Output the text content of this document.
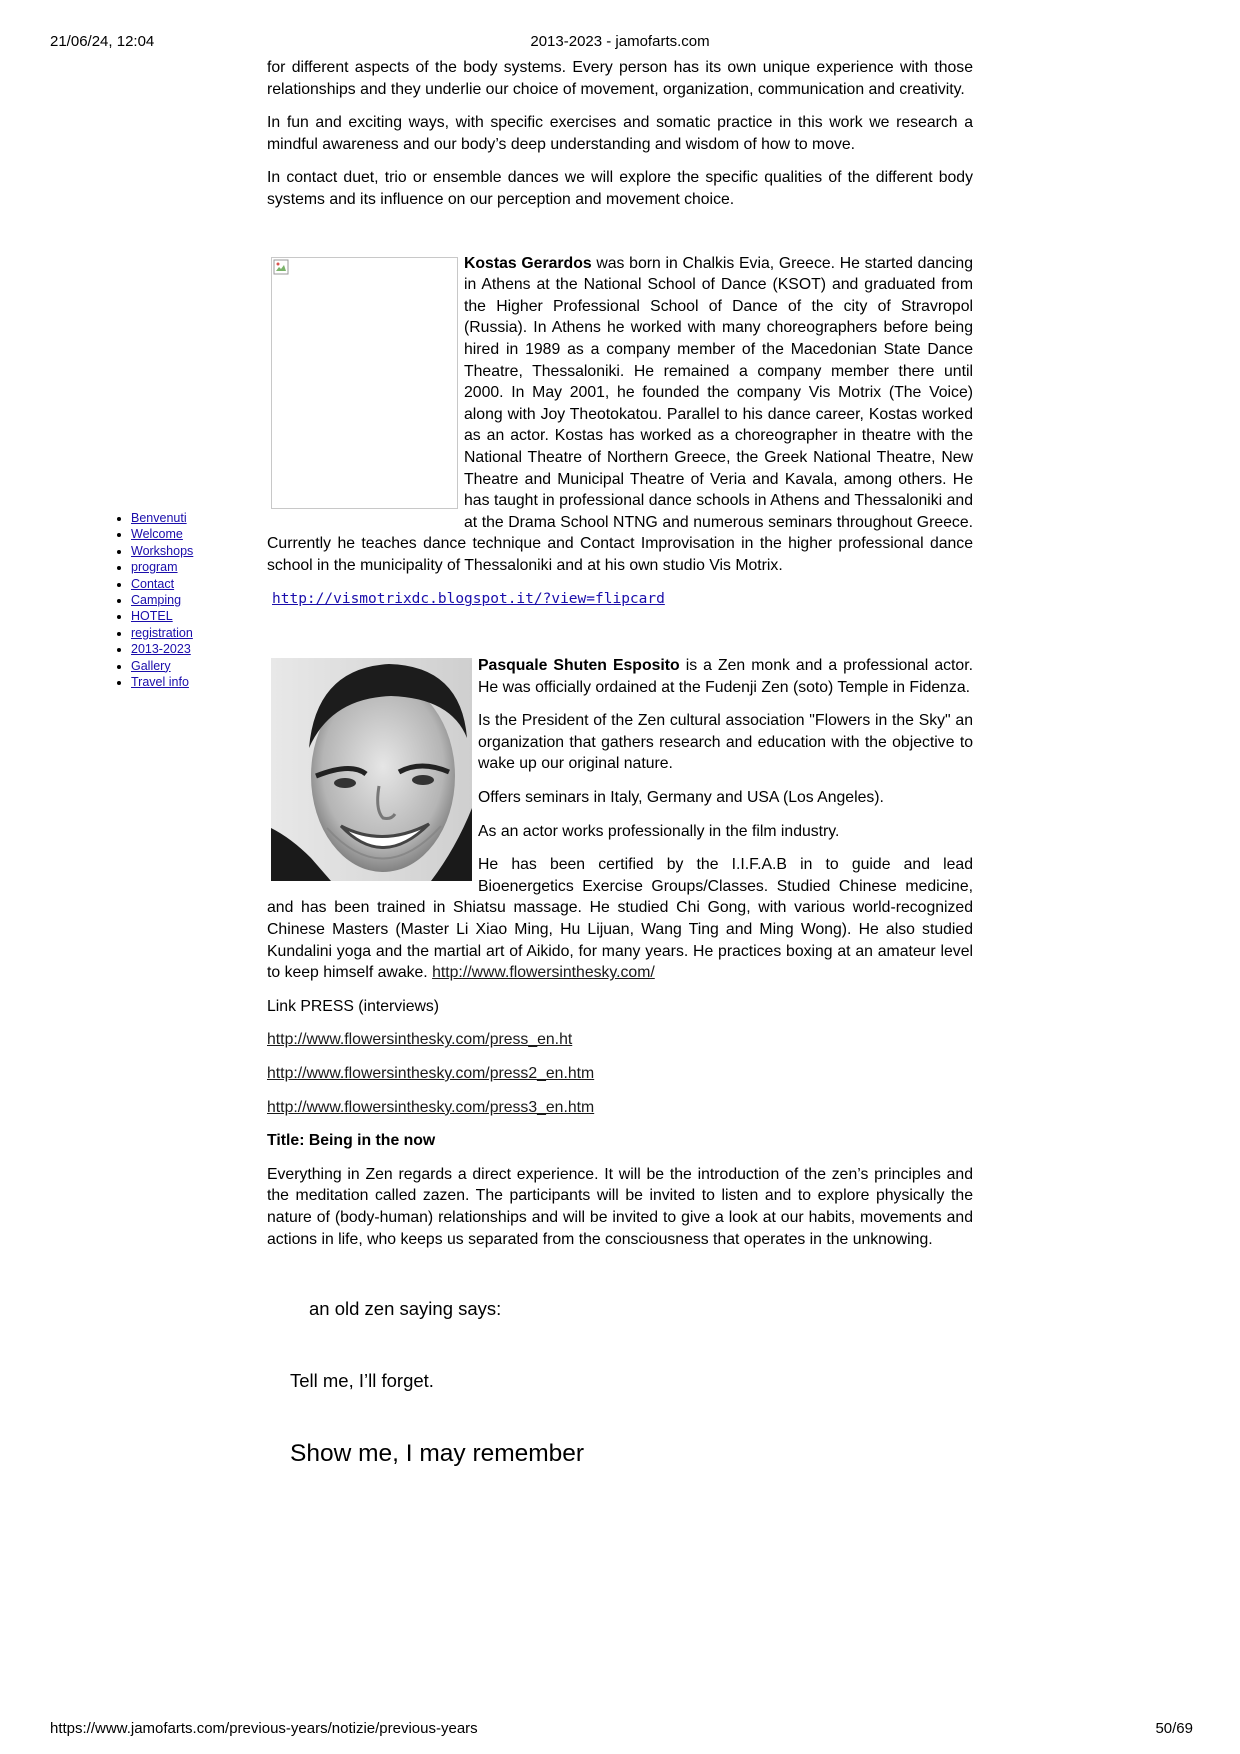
21/06/24, 12:04	2013-2023 - jamofarts.com
• Benvenuti
• Welcome
• Workshops
• program
• Contact
• Camping
• HOTEL
• registration
• 2013-2023
• Gallery
• Travel info

for different aspects of the body systems. Every person has its own unique experience with those relationships and they underlie our choice of movement, organization, communication and creativity.

In fun and exciting ways, with specific exercises and somatic practice in this work we research a mindful awareness and our body’s deep understanding and wisdom of how to move.

In contact duet, trio or ensemble dances we will explore the specific qualities of the different body systems and its influence on our perception and movement choice.

Kostas Gerardos was born in Chalkis Evia, Greece. He started dancing in Athens at the National School of Dance (KSOT) and graduated from the Higher Professional School of Dance of the city of Stravropol (Russia). In Athens he worked with many choreographers before being hired in 1989 as a company member of the Macedonian State Dance Theatre, Thessaloniki. He remained a company member there until 2000. In May 2001, he founded the company Vis Motrix (The Voice) along with Joy Theotokatou. Parallel to his dance career, Kostas worked as an actor. Kostas has worked as a choreographer in theatre with the National Theatre of Northern Greece, the Greek National Theatre, New Theatre and Municipal Theatre of Veria and Kavala, among others. He has taught in professional dance schools in Athens and Thessaloniki and at the Drama School NTNG and numerous seminars throughout Greece. Currently he teaches dance technique and Contact Improvisation in the higher professional dance school in the municipality of Thessaloniki and at his own studio Vis Motrix.

http://vismotrixdc.blogspot.it/?view=flipcard

Pasquale Shuten Esposito is a Zen monk and a professional actor. He was officially ordained at the Fudenji Zen (soto) Temple in Fidenza.

Is the President of the Zen cultural association "Flowers in the Sky" an organization that gathers research and education with the objective to wake up our original nature.

Offers seminars in Italy, Germany and USA (Los Angeles).

As an actor works professionally in the film industry.

He has been certified by the I.I.F.A.B in to guide and lead Bioenergetics Exercise Groups/Classes. Studied Chinese medicine, and has been trained in Shiatsu massage. He studied Chi Gong, with various world-recognized Chinese Masters (Master Li Xiao Ming, Hu Lijuan, Wang Ting and Ming Wong). He also studied Kundalini yoga and the martial art of Aikido, for many years. He practices boxing at an amateur level to keep himself awake. http://www.flowersinthesky.com/

Link PRESS (interviews)

http://www.flowersinthesky.com/press_en.ht

http://www.flowersinthesky.com/press2_en.htm

http://www.flowersinthesky.com/press3_en.htm

Title: Being in the now

Everything in Zen regards a direct experience. It will be the introduction of the zen’s principles and the meditation called zazen. The participants will be invited to listen and to explore physically the nature of (body-human) relationships and will be invited to give a look at our habits, movements and actions in life, who keeps us separated from the consciousness that operates in the unknowing.

an old zen saying says:
Tell me, I’ll forget.
Show me, I may remember
https://www.jamofarts.com/previous-years/notizie/previous-years	50/69
